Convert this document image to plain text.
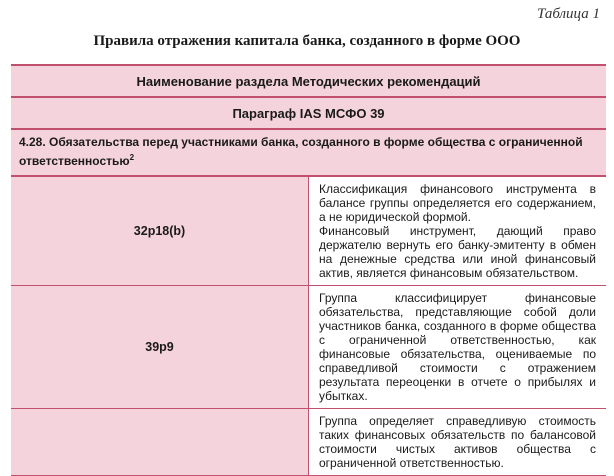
Таблица 1
Правила отражения капитала банка, созданного в форме ООО
Наименование раздела Методических рекомендаций	
Параграф IAS МСФО 39	
4.28. Обязательства перед участниками банка, созданного в форме общества с ограниченной ответственностью$^2$
32p18(b)	Классификация финансового инструмента в балансе группы определяется его содержанием, а не юридической формой.

Финансовый инструмент, дающий право держателю вернуть его банку-эмитенту в обмен на денежные средства или иной финансовый актив, является финансовым обязательством.

39p9	Группа классифицирует финансовые обязательства, представляющие собой доли участников банка, созданного в форме общества с ограниченной ответственностью, как финансовые обязательства, оцениваемые по справедливой стоимости с отражением результата переоценки в отчете о прибылях и убытках.

	Группа определяет справедливую стоимость таких финансовых обязательств по балансовой стоимости чистых активов общества с ограниченной ответственностью.
